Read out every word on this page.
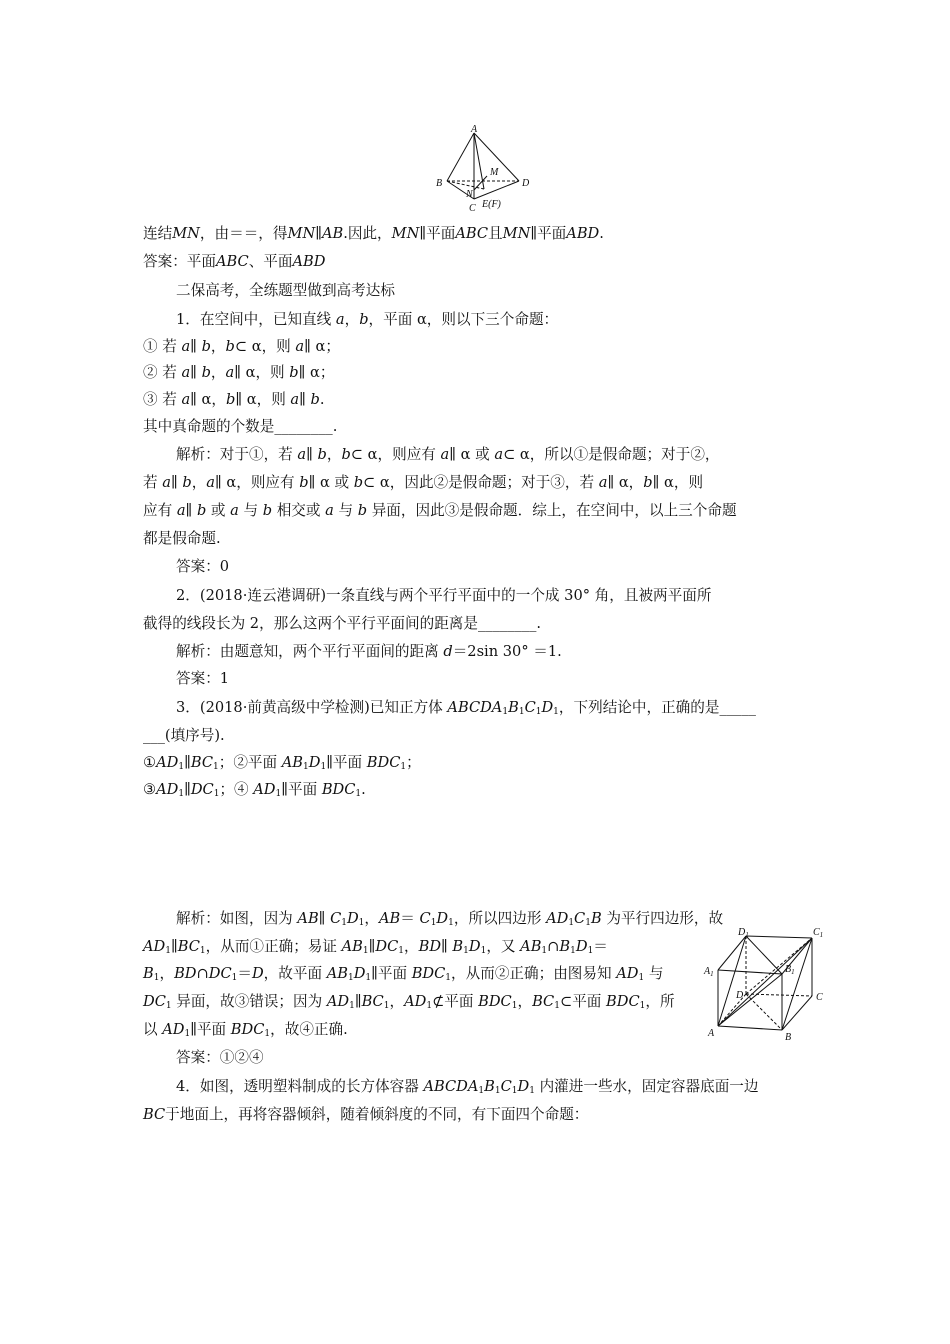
A
B
C
D
M
N
E(F)
连结MN，由＝＝，得MN∥AB.因此，MN∥平面ABC且MN∥平面ABD.
答案：平面ABC、平面ABD
二保高考，全练题型做到高考达标
1．在空间中，已知直线 a，b，平面 α，则以下三个命题：
① 若 a∥ b，b⊂ α，则 a∥ α；
② 若 a∥ b，a∥ α，则 b∥ α；
③ 若 a∥ α，b∥ α，则 a∥ b.
其中真命题的个数是________.
解析：对于①，若 a∥ b，b⊂ α，则应有 a∥ α 或 a⊂ α，所以①是假命题；对于②，
若 a∥ b，a∥ α，则应有 b∥ α 或 b⊂ α，因此②是假命题；对于③，若 a∥ α，b∥ α，则
应有 a∥ b 或 a 与 b 相交或 a 与 b 异面，因此③是假命题．综上，在空间中，以上三个命题
都是假命题.
答案：0
2．(2018·连云港调研)一条直线与两个平行平面中的一个成 30° 角，且被两平面所
截得的线段长为 2，那么这两个平行平面间的距离是________.
解析：由题意知，两个平行平面间的距离 d＝2sin 30° ＝1.
答案：1
3．(2018·前黄高级中学检测)已知正方体 $ABCDA_1B_1C_1D_1$，下列结论中，正确的是_____
___(填序号).
$①AD_1\parallel BC_1$；②平面 $AB_1D_1\parallel$平面 $BDC_1$；
$③AD_1\parallel DC_1$；④ $AD_1\parallel$平面 $BDC_1$.
解析：如图，因为 AB∥ $C_1D_1$，$AB= C_1D_1$，所以四边形 $AD_1C_1B$ 为平行四边形，故
$AD_1\parallel BC_1$，从而①正确；易证 $AB_1\parallel DC_1$，BD∥ $B_1D_1$，又 $AB_1\cap B_1D_1=$
$B_1$，$BD\cap DC_1=D$，故平面 $AB_1D_1\parallel$平面 $BDC_1$，从而②正确；由图易知 $AD_1$ 与
$DC_1$ 异面，故③错误；因为 $AD_1\parallel BC_1$，$AD_1⊄$平面 $BDC_1$，$BC_1\subset$平面 $BDC_1$，所
以 $AD_1\parallel$平面 $BDC_1$，故④正确.
答案：①②④
A	B
C
D
$A_1$	$B_1$
$C_1$
$D_1$
4．如图，透明塑料制成的长方体容器 $ABCDA_1B_1C_1D_1$ 内灌进一些水，固定容器底面一边
BC于地面上，再将容器倾斜，随着倾斜度的不同，有下面四个命题：
